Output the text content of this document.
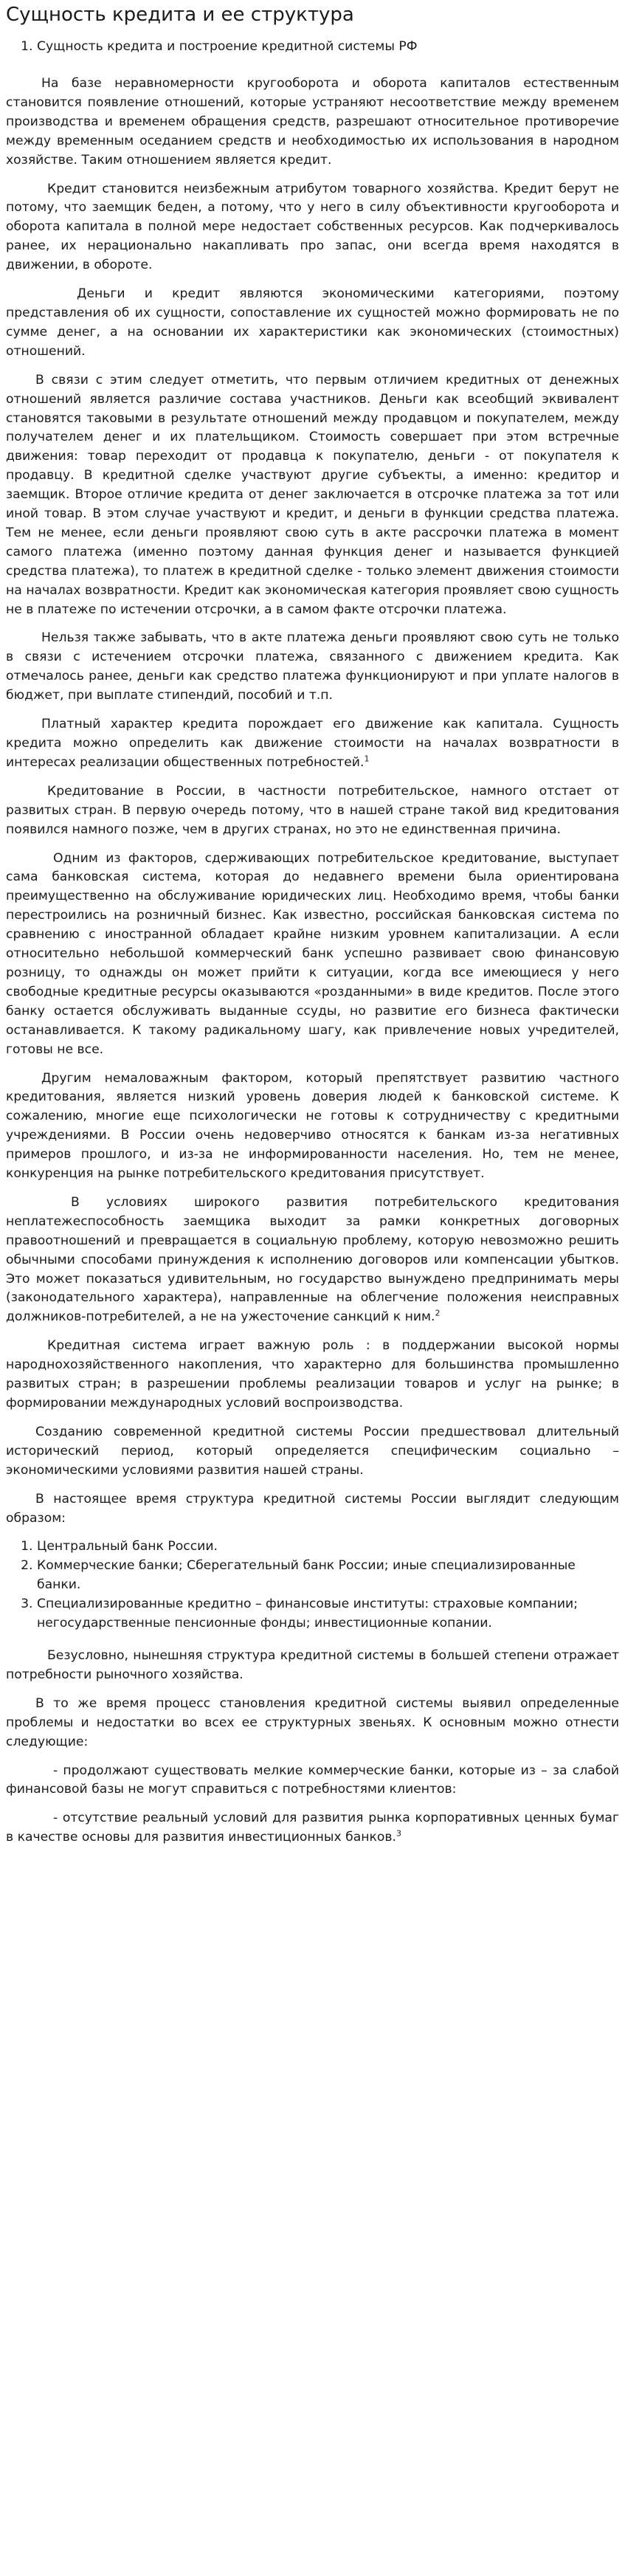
Сущность кредита и ее структура
1. Сущность кредита и построение кредитной системы РФ

На базе неравномерности кругооборота и оборота капиталов естественным становится появление отношений, которые устраняют несоответствие между временем производства и временем обращения средств, разрешают относительное противоречие между временным оседанием средств и необходимостью их использования в народном хозяйстве. Таким отношением является кредит.

Кредит становится неизбежным атрибутом товарного хозяйства. Кредит берут не потому, что заемщик беден, а потому, что у него в силу объективности кругооборота и оборота капитала в полной мере недостает собственных ресурсов. Как подчеркивалось ранее, их нерационально накапливать про запас, они всегда время находятся в движении, в обороте.

Деньги и кредит являются экономическими категориями, поэтому представления об их сущности, сопоставление их сущностей можно формировать не по сумме денег, а на основании их характеристики как экономических (стоимостных) отношений.

В связи с этим следует отметить, что первым отличием кредитных от денежных отношений является различие состава участников. Деньги как всеобщий эквивалент становятся таковыми в результате отношений между продавцом и покупателем, между получателем денег и их плательщиком. Стоимость совершает при этом встречные движения: товар переходит от продавца к покупателю, деньги - от покупателя к продавцу. В кредитной сделке участвуют другие субъекты, а именно: кредитор и заемщик. Второе отличие кредита от денег заключается в отсрочке платежа за тот или иной товар. В этом случае участвуют и кредит, и деньги в функции средства платежа. Тем не менее, если деньги проявляют свою суть в акте рассрочки платежа в момент самого платежа (именно поэтому данная функция денег и называется функцией средства платежа), то платеж в кредитной сделке - только элемент движения стоимости на началах возвратности. Кредит как экономическая категория проявляет свою сущность не в платеже по истечении отсрочки, а в самом факте отсрочки платежа.

Нельзя также забывать, что в акте платежа деньги проявляют свою суть не только в связи с истечением отсрочки платежа, связанного с движением кредита. Как отмечалось ранее, деньги как средство платежа функционируют и при уплате налогов в бюджет, при выплате стипендий, пособий и т.п.

Платный характер кредита порождает его движение как капитала. Сущность кредита можно определить как движение стоимости на началах возвратности в интересах реализации общественных потребностей.$^1$

Кредитование в России, в частности потребительское, намного отстает от развитых стран. В первую очередь потому, что в нашей стране такой вид кредитования появился намного позже, чем в других странах, но это не единственная причина.

Одним из факторов, сдерживающих потребительское кредитование, выступает сама банковская система, которая до недавнего времени была ориентирована преимущественно на обслуживание юридических лиц. Необходимо время, чтобы банки перестроились на розничный бизнес. Как известно, российская банковская система по сравнению с иностранной обладает крайне низким уровнем капитализации. А если относительно небольшой коммерческий банк успешно развивает свою финансовую розницу, то однажды он может прийти к ситуации, когда все имеющиеся у него свободные кредитные ресурсы оказываются «розданными» в виде кредитов. После этого банку остается обслуживать выданные ссуды, но развитие его бизнеса фактически останавливается. К такому радикальному шагу, как привлечение новых учредителей, готовы не все.

Другим немаловажным фактором, который препятствует развитию частного кредитования, является низкий уровень доверия людей к банковской системе. К сожалению, многие еще психологически не готовы к сотрудничеству с кредитными учреждениями. В России очень недоверчиво относятся к банкам из-за негативных примеров прошлого, и из-за не информированности населения. Но, тем не менее, конкуренция на рынке потребительского кредитования присутствует.

В условиях широкого развития потребительского кредитования неплатежеспособность заемщика выходит за рамки конкретных договорных правоотношений и превращается в социальную проблему, которую невозможно решить обычными способами принуждения к исполнению договоров или компенсации убытков. Это может показаться удивительным, но государство вынуждено предпринимать меры (законодательного характера), направленные на облегчение положения неисправных должников-потребителей, а не на ужесточение санкций к ним.$^2$

Кредитная система играет важную роль : в поддержании высокой нормы народнохозяйственного накопления, что характерно для большинства промышленно развитых стран; в разрешении проблемы реализации товаров и услуг на рынке; в формировании международных условий воспроизводства.

Созданию современной кредитной системы России предшествовал длительный исторический период, который определяется специфическим социально – экономическими условиями развития нашей страны.

В настоящее время структура кредитной системы России выглядит следующим образом:

1. Центральный банк России.
2. Коммерческие банки; Сберегательный банк России; иные специализированные банки.
3. Специализированные кредитно – финансовые институты: страховые компании; негосударственные пенсионные фонды; инвестиционные копании.

Безусловно, нынешняя структура кредитной системы в большей степени отражает потребности рыночного хозяйства.

В то же время процесс становления кредитной системы выявил определенные проблемы и недостатки во всех ее структурных звеньях. К основным можно отнести следующие:

- продолжают существовать мелкие коммерческие банки, которые из – за слабой финансовой базы не могут справиться с потребностями клиентов:

- отсутствие реальный условий для развития рынка корпоративных ценных бумаг в качестве основы для развития инвестиционных банков.$^3$
